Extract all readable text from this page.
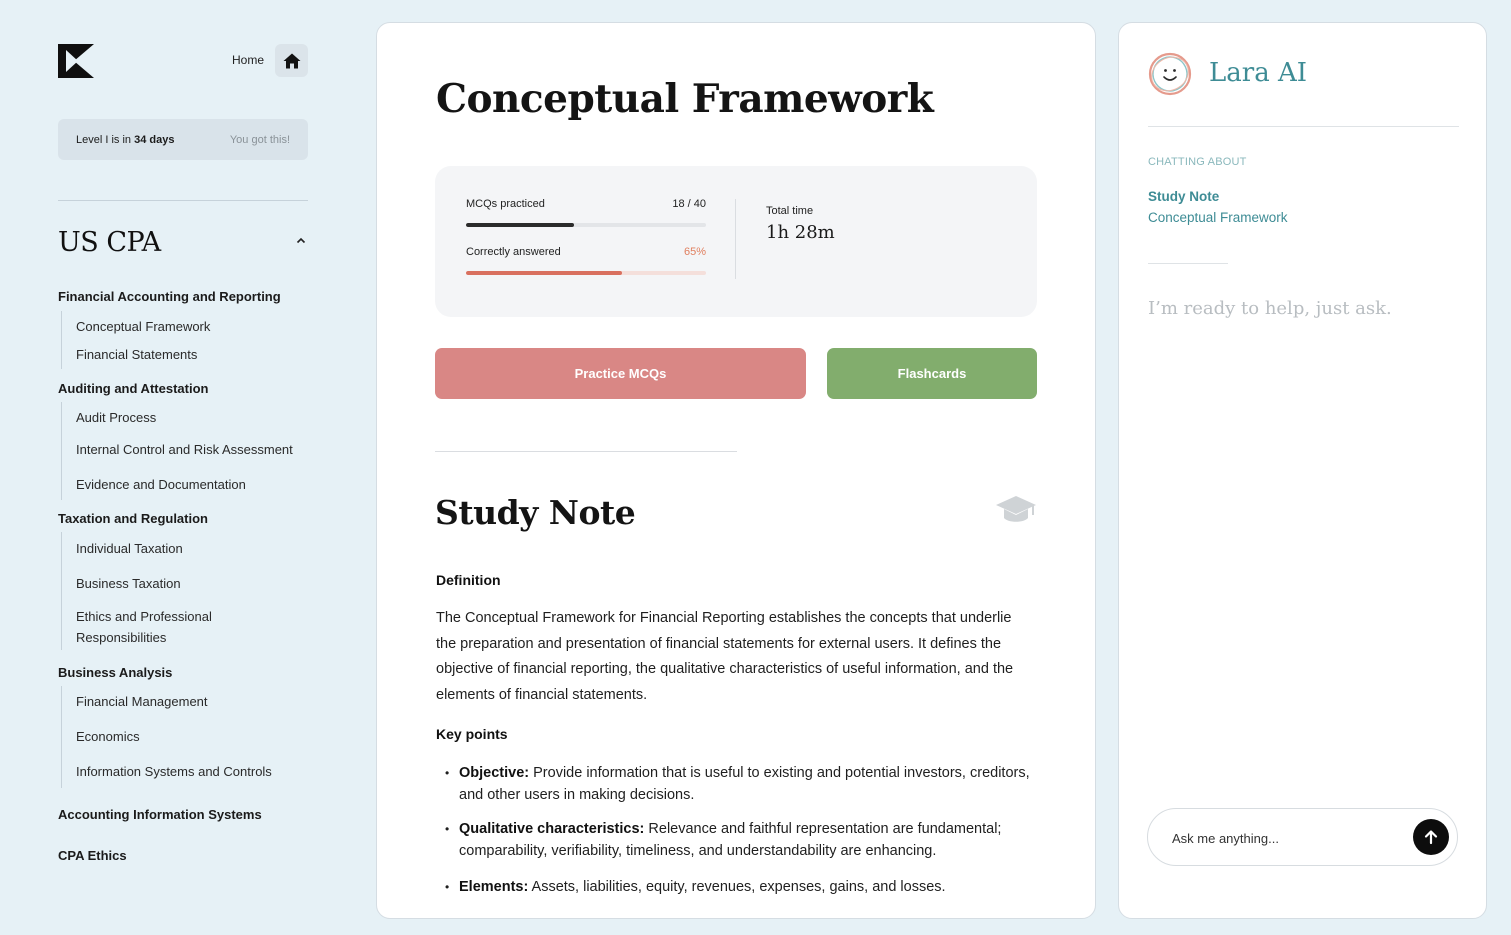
Home
Level I is in 34 days	You got this!
US CPA
Financial Accounting and Reporting
Conceptual Framework
Financial Statements
Auditing and Attestation
Audit Process
Internal Control and Risk Assessment
Evidence and Documentation
Taxation and Regulation
Individual Taxation
Business Taxation
Ethics and Professional Responsibilities
Business Analysis
Financial Management
Economics
Information Systems and Controls
Accounting Information Systems
CPA Ethics
Conceptual Framework
MCQs practiced	18 / 40
Correctly answered	65%
Total time
1h 28m
Practice MCQs	Flashcards
Study Note
Definition

The Conceptual Framework for Financial Reporting establishes the concepts that underlie the preparation and presentation of financial statements for external users. It defines the objective of financial reporting, the qualitative characteristics of useful information, and the elements of financial statements.

Key points
• Objective: Provide information that is useful to existing and potential investors, creditors, and other users in making decisions.
• Qualitative characteristics: Relevance and faithful representation are fundamental; comparability, verifiability, timeliness, and understandability are enhancing.
• Elements: Assets, liabilities, equity, revenues, expenses, gains, and losses.
Lara AI
CHATTING ABOUT
Study Note
Conceptual Framework
I’m ready to help, just ask.
Ask me anything...
